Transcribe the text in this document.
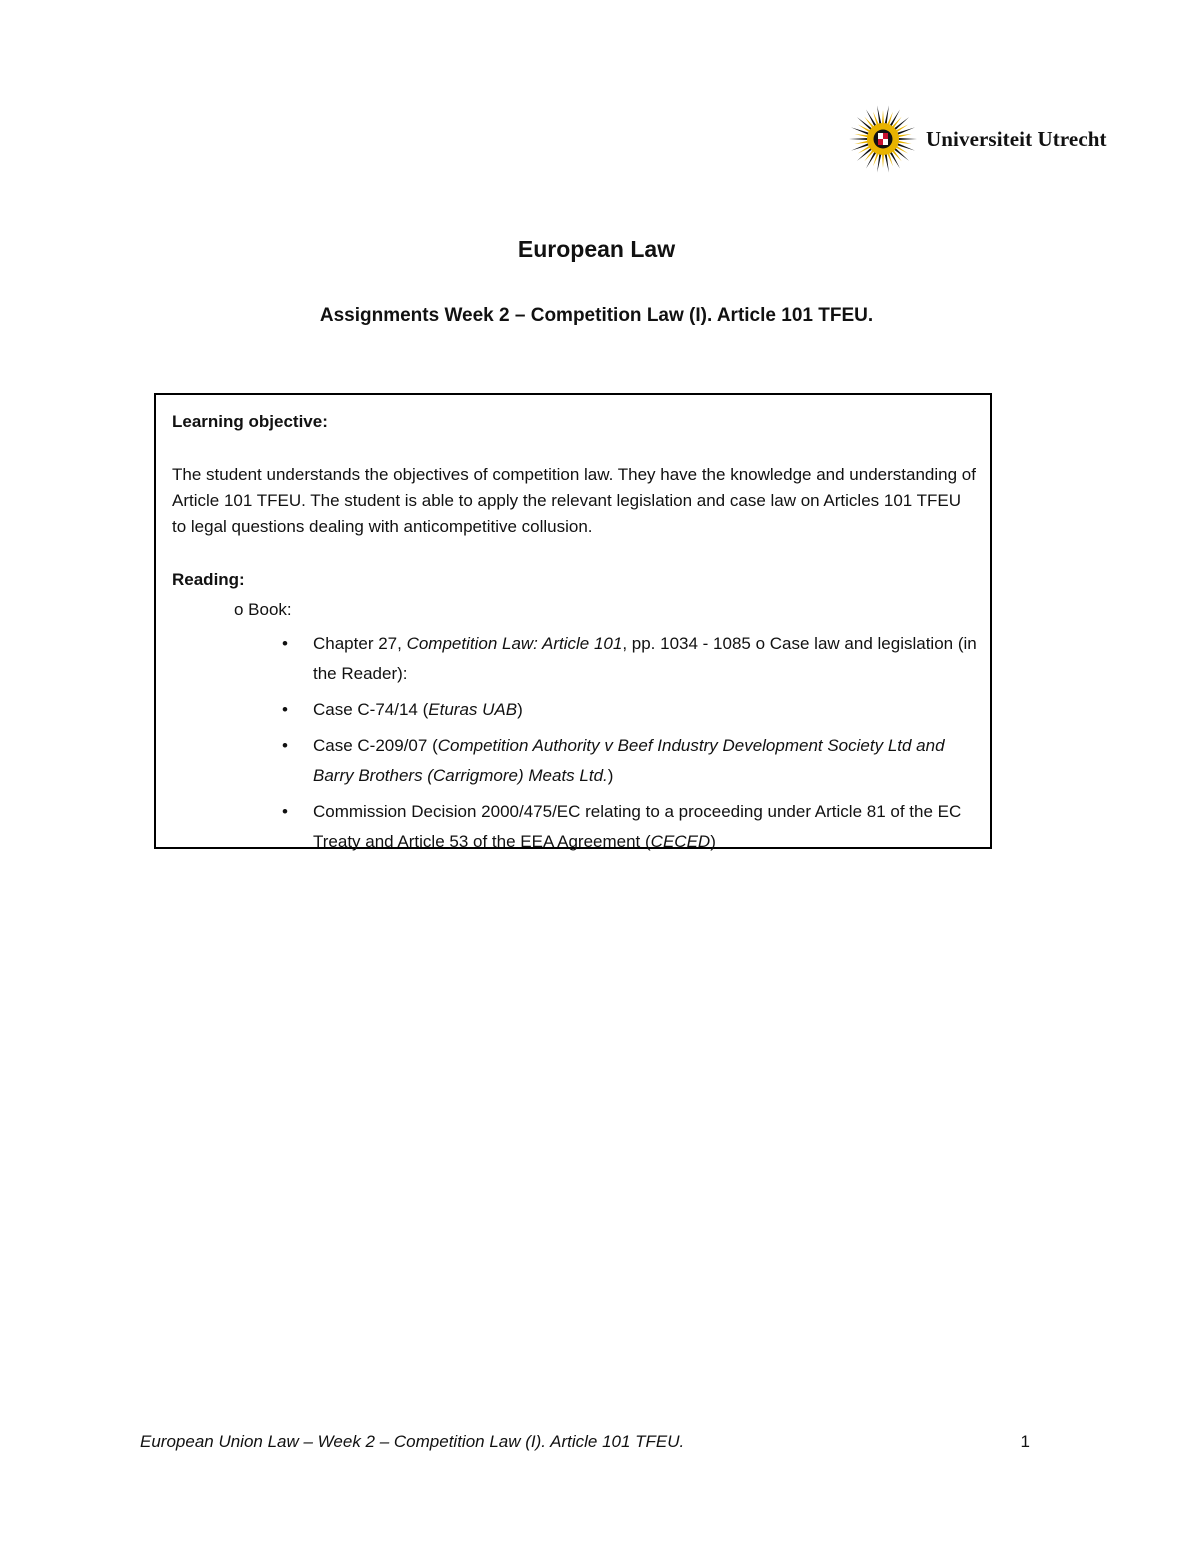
Universiteit Utrecht
European Law
Assignments Week 2 – Competition Law (I). Article 101 TFEU.
Learning objective:
The student understands the objectives of competition law. They have the knowledge and understanding of Article 101 TFEU. The student is able to apply the relevant legislation and case law on Articles 101 TFEU to legal questions dealing with anticompetitive collusion.
Reading:
o Book:
• Chapter 27, Competition Law: Article 101, pp. 1034 - 1085 o Case law and legislation (in the Reader):
• Case C-74/14 (Eturas UAB)
• Case C-209/07 (Competition Authority v Beef Industry Development Society Ltd and Barry Brothers (Carrigmore) Meats Ltd.)
• Commission Decision 2000/475/EC relating to a proceeding under Article 81 of the EC Treaty and Article 53 of the EEA Agreement (CECED)
European Union Law – Week 2 – Competition Law (I). Article 101 TFEU.	1
